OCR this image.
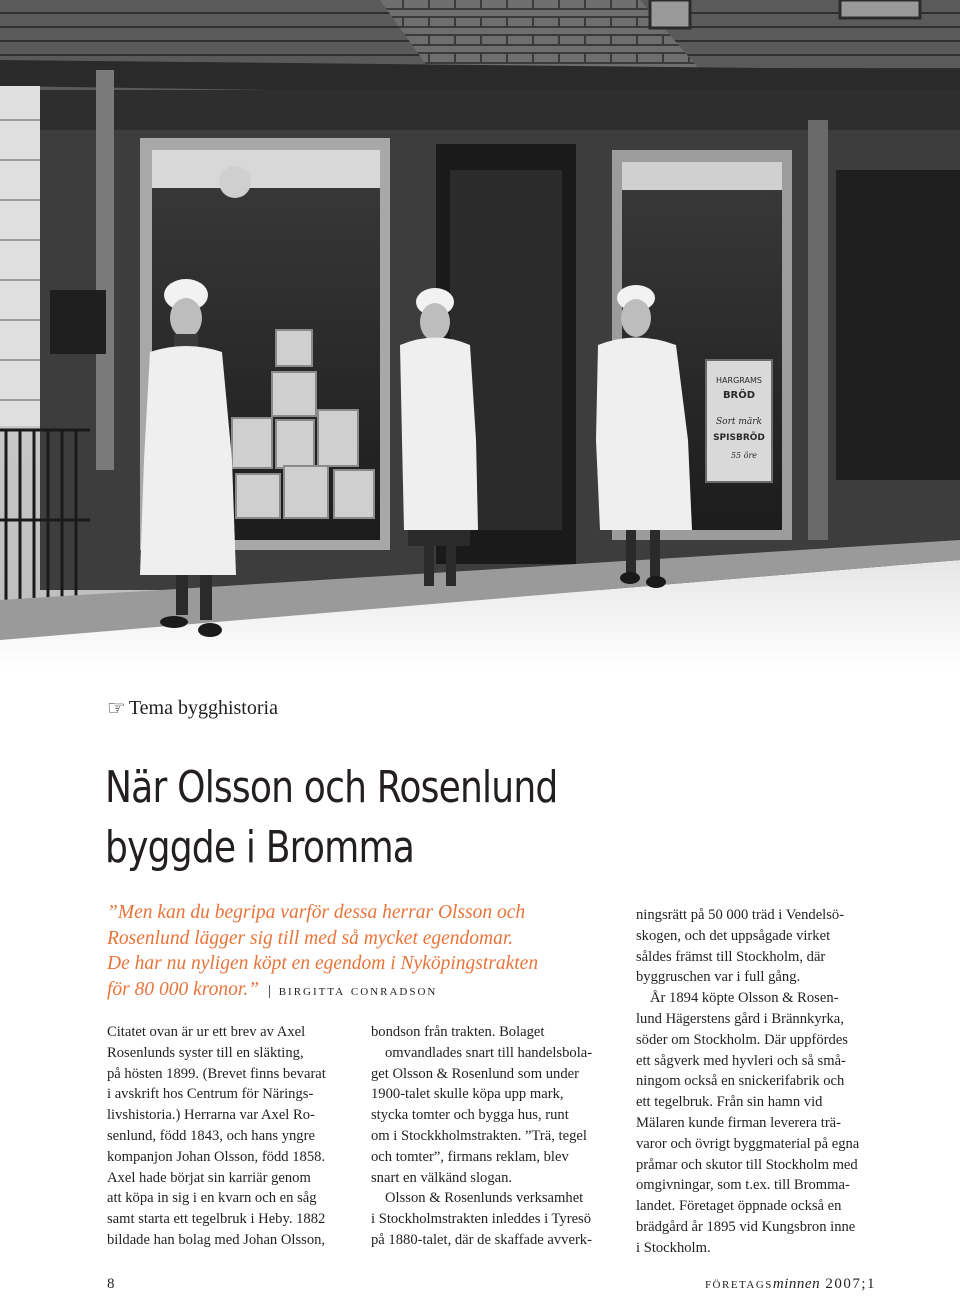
HARGRAMS
BRÖD
Sort märk
SPISBRÖD
55 öre
☞ Tema bygghistoria
När Olsson och Rosenlund
byggde i Bromma
”Men kan du begripa varför dessa herrar Olsson och
Rosenlund lägger sig till med så mycket egendomar.
De har nu nyligen köpt en egendom i Nyköpingstrakten
för 80 000 kronor.” | birgitta conradson

Citatet ovan är ur ett brev av Axel

Rosenlunds syster till en släkting,

på hösten 1899. (Brevet finns bevarat

i avskrift hos Centrum för Närings-

livshistoria.) Herrarna var Axel Ro-

senlund, född 1843, och hans yngre

kompanjon Johan Olsson, född 1858.

Axel hade börjat sin karriär genom

att köpa in sig i en kvarn och en såg

samt starta ett tegelbruk i Heby. 1882

bildade han bolag med Johan Olsson,

bondson från trakten. Bolaget

omvandlades snart till handelsbola-

get Olsson & Rosenlund som under

1900-talet skulle köpa upp mark,

stycka tomter och bygga hus, runt

om i Stockkholmstrakten. ”Trä, tegel

och tomter”, firmans reklam, blev

snart en välkänd slogan.

Olsson & Rosenlunds verksamhet

i Stockholmstrakten inleddes i Tyresö

på 1880-talet, där de skaffade avverk-

ningsrätt på 50 000 träd i Vendelsö-

skogen, och det uppsågade virket

såldes främst till Stockholm, där

byggruschen var i full gång.

År 1894 köpte Olsson & Rosen-

lund Hägerstens gård i Brännkyrka,

söder om Stockholm. Där uppfördes

ett sågverk med hyvleri och så små-

ningom också en snickerifabrik och

ett tegelbruk. Från sin hamn vid

Mälaren kunde firman leverera trä-

varor och övrigt byggmaterial på egna

pråmar och skutor till Stockholm med

omgivningar, som t.ex. till Bromma-

landet. Företaget öppnade också en

brädgård år 1895 vid Kungsbron inne

i Stockholm.

8	företagsminnen 2007;1
